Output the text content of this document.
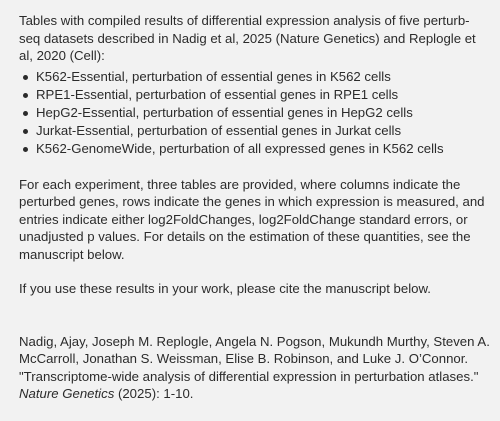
Tables with compiled results of differential expression analysis of five perturb-seq datasets described in Nadig et al, 2025 (Nature Genetics) and Replogle et al, 2020 (Cell):

K562-Essential, perturbation of essential genes in K562 cells
RPE1-Essential, perturbation of essential genes in RPE1 cells
HepG2-Essential, perturbation of essential genes in HepG2 cells
Jurkat-Essential, perturbation of essential genes in Jurkat cells
K562-GenomeWide, perturbation of all expressed genes in K562 cells

For each experiment, three tables are provided, where columns indicate the perturbed genes, rows indicate the genes in which expression is measured, and entries indicate either log2FoldChanges, log2FoldChange standard errors, or unadjusted p values. For details on the estimation of these quantities, see the manuscript below.

If you use these results in your work, please cite the manuscript below.

Nadig, Ajay, Joseph M. Replogle, Angela N. Pogson, Mukundh Murthy, Steven A. McCarroll, Jonathan S. Weissman, Elise B. Robinson, and Luke J. O’Connor. "Transcriptome-wide analysis of differential expression in perturbation atlases." Nature Genetics (2025): 1-10.
